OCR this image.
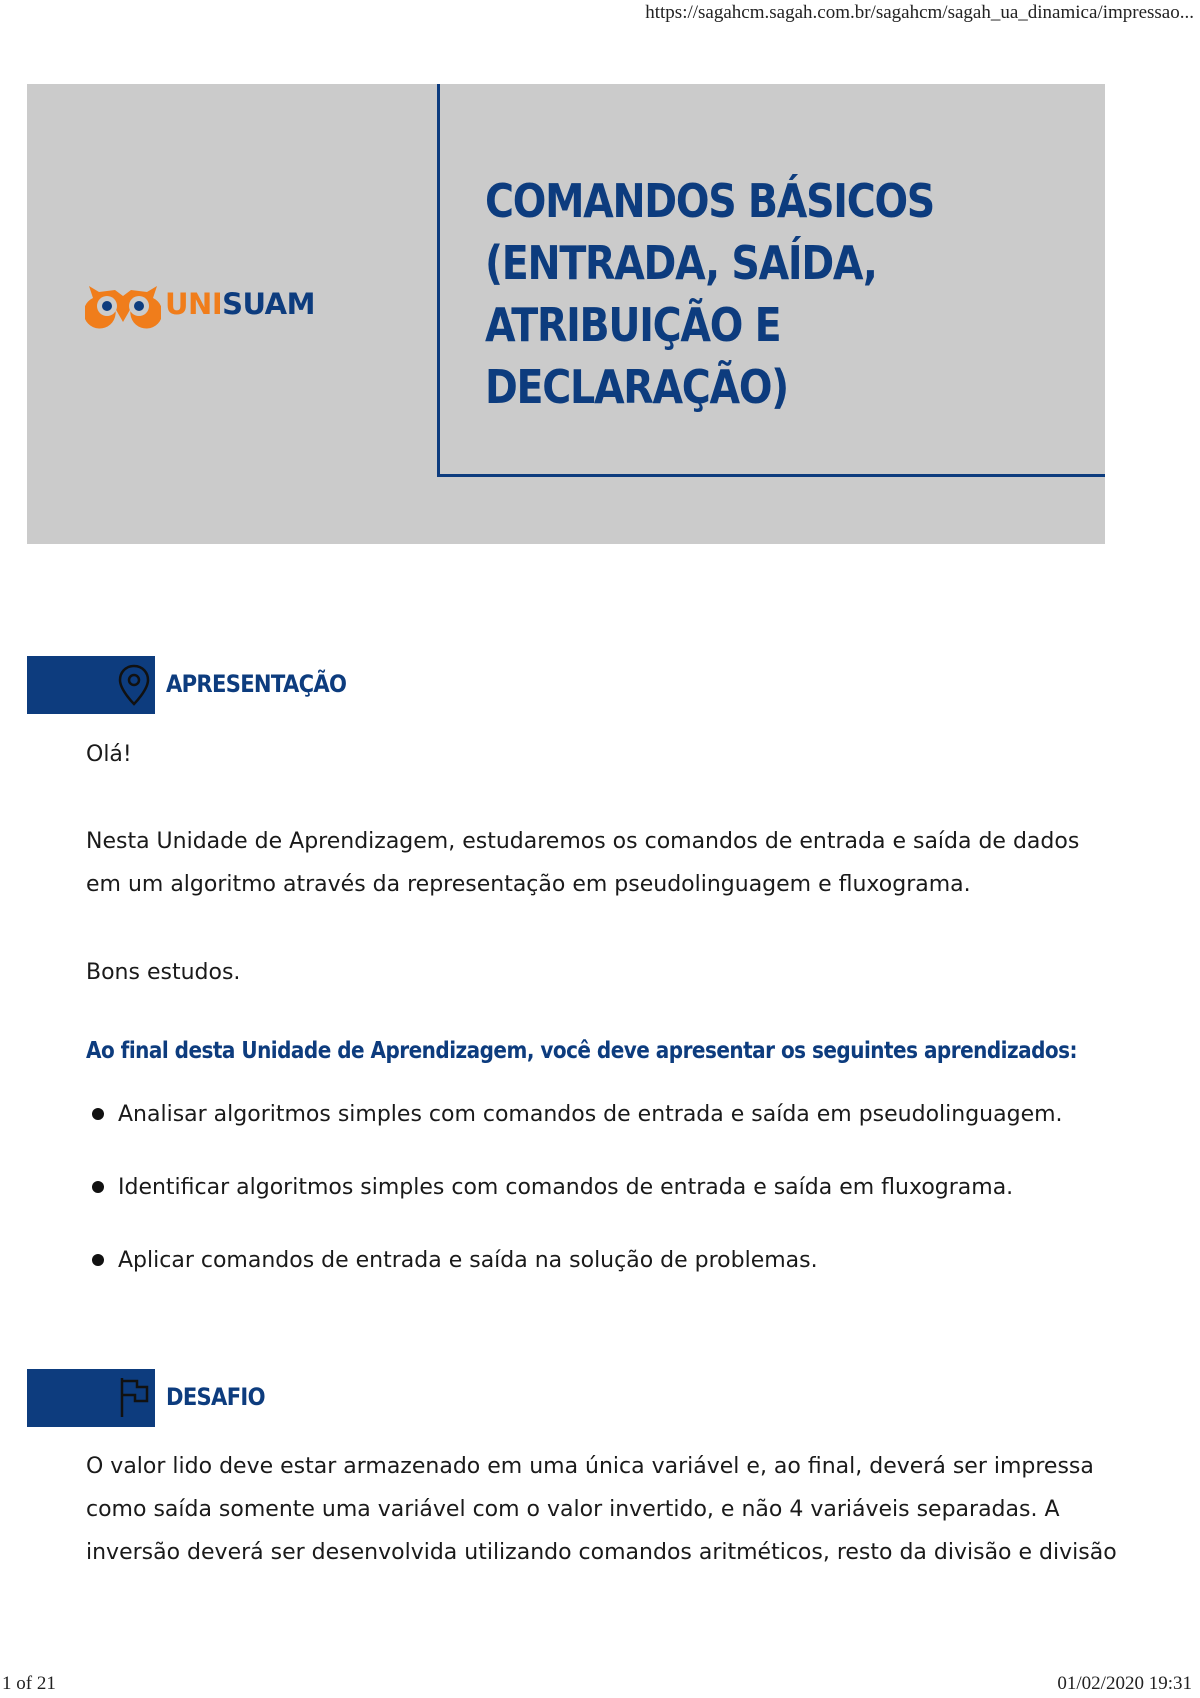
https://sagahcm.sagah.com.br/sagahcm/sagah_ua_dinamica/impressao...
UNISUAM
COMANDOS BÁSICOS
(ENTRADA, SAÍDA,
ATRIBUIÇÃO E
DECLARAÇÃO)
APRESENTAÇÃO
Olá!
Nesta Unidade de Aprendizagem, estudaremos os comandos de entrada e saída de dados
em um algoritmo através da representação em pseudolinguagem e fluxograma.
Bons estudos.
Ao final desta Unidade de Aprendizagem, você deve apresentar os seguintes aprendizados:
Analisar algoritmos simples com comandos de entrada e saída em pseudolinguagem.
Identificar algoritmos simples com comandos de entrada e saída em fluxograma.
Aplicar comandos de entrada e saída na solução de problemas.
DESAFIO
O valor lido deve estar armazenado em uma única variável e, ao final, deverá ser impressa
como saída somente uma variável com o valor invertido, e não 4 variáveis separadas. A
inversão deverá ser desenvolvida utilizando comandos aritméticos, resto da divisão e divisão
1 of 21	01/02/2020 19:31
